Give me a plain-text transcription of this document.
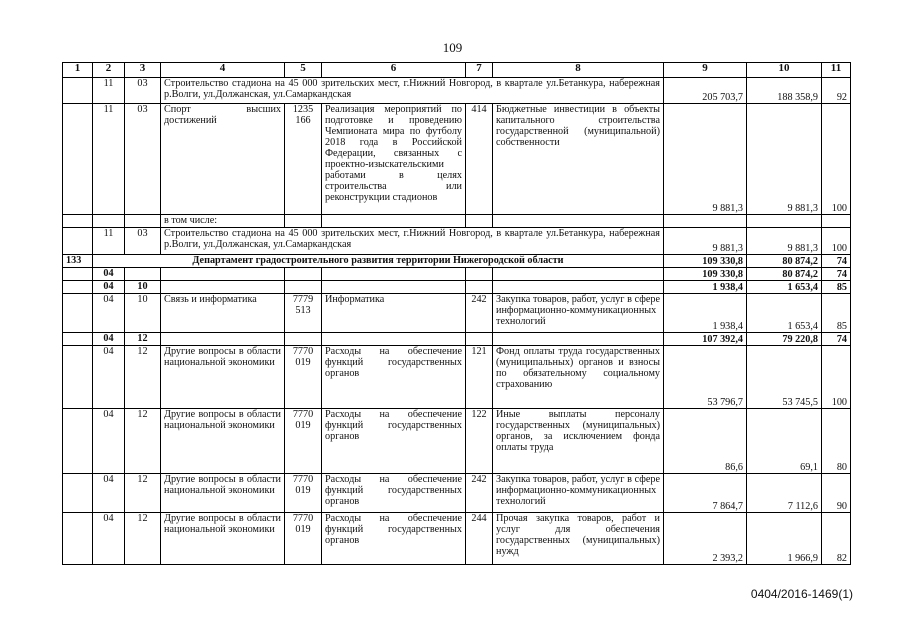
109
1	2	3	4	5	6	7	8	9	10	11
	11	03	Строительство стадиона на 45 000 зрительских мест, г.Нижний Новгород, в квартале ул.Бетанкура, набережная р.Волги, ул.Должанская, ул.Самаркандская					205 703,7	188 358,9	92
	11	03	Спорт высших достижений	1235 166	Реализация мероприятий по подготовке и проведению Чемпионата мира по футболу 2018 года в Российской Федерации, связанных с проектно-изыскательскими работами в целях строительства или реконструкции стадионов	414	Бюджетные инвестиции в объекты капитального строительства государственной (муниципальной) собственности	9 881,3	9 881,3	100
			в том числе:							
	11	03	Строительство стадиона на 45 000 зрительских мест, г.Нижний Новгород, в квартале ул.Бетанкура, набережная р.Волги, ул.Должанская, ул.Самаркандская					9 881,3	9 881,3	100
133	Департамент градостроительного развития территории Нижегородской области							109 330,8	80 874,2	74
	04							109 330,8	80 874,2	74
	04	10						1 938,4	1 653,4	85
	04	10	Связь и информатика	7779 513	Информатика	242	Закупка товаров, работ, услуг в сфере информационно-коммуникационных технологий	1 938,4	1 653,4	85
	04	12						107 392,4	79 220,8	74
	04	12	Другие вопросы в области национальной экономики	7770 019	Расходы на обеспечение функций государственных органов	121	Фонд оплаты труда государственных (муниципальных) органов и взносы по обязательному социальному страхованию	53 796,7	53 745,5	100
	04	12	Другие вопросы в области национальной экономики	7770 019	Расходы на обеспечение функций государственных органов	122	Иные выплаты персоналу государственных (муниципальных) органов, за исключением фонда оплаты труда	86,6	69,1	80
	04	12	Другие вопросы в области национальной экономики	7770 019	Расходы на обеспечение функций государственных органов	242	Закупка товаров, работ, услуг в сфере информационно-коммуникационных технологий	7 864,7	7 112,6	90
	04	12	Другие вопросы в области национальной экономики	7770 019	Расходы на обеспечение функций государственных органов	244	Прочая закупка товаров, работ и услуг для обеспечения государственных (муниципальных) нужд	2 393,2	1 966,9	82
0404/2016-1469(1)
